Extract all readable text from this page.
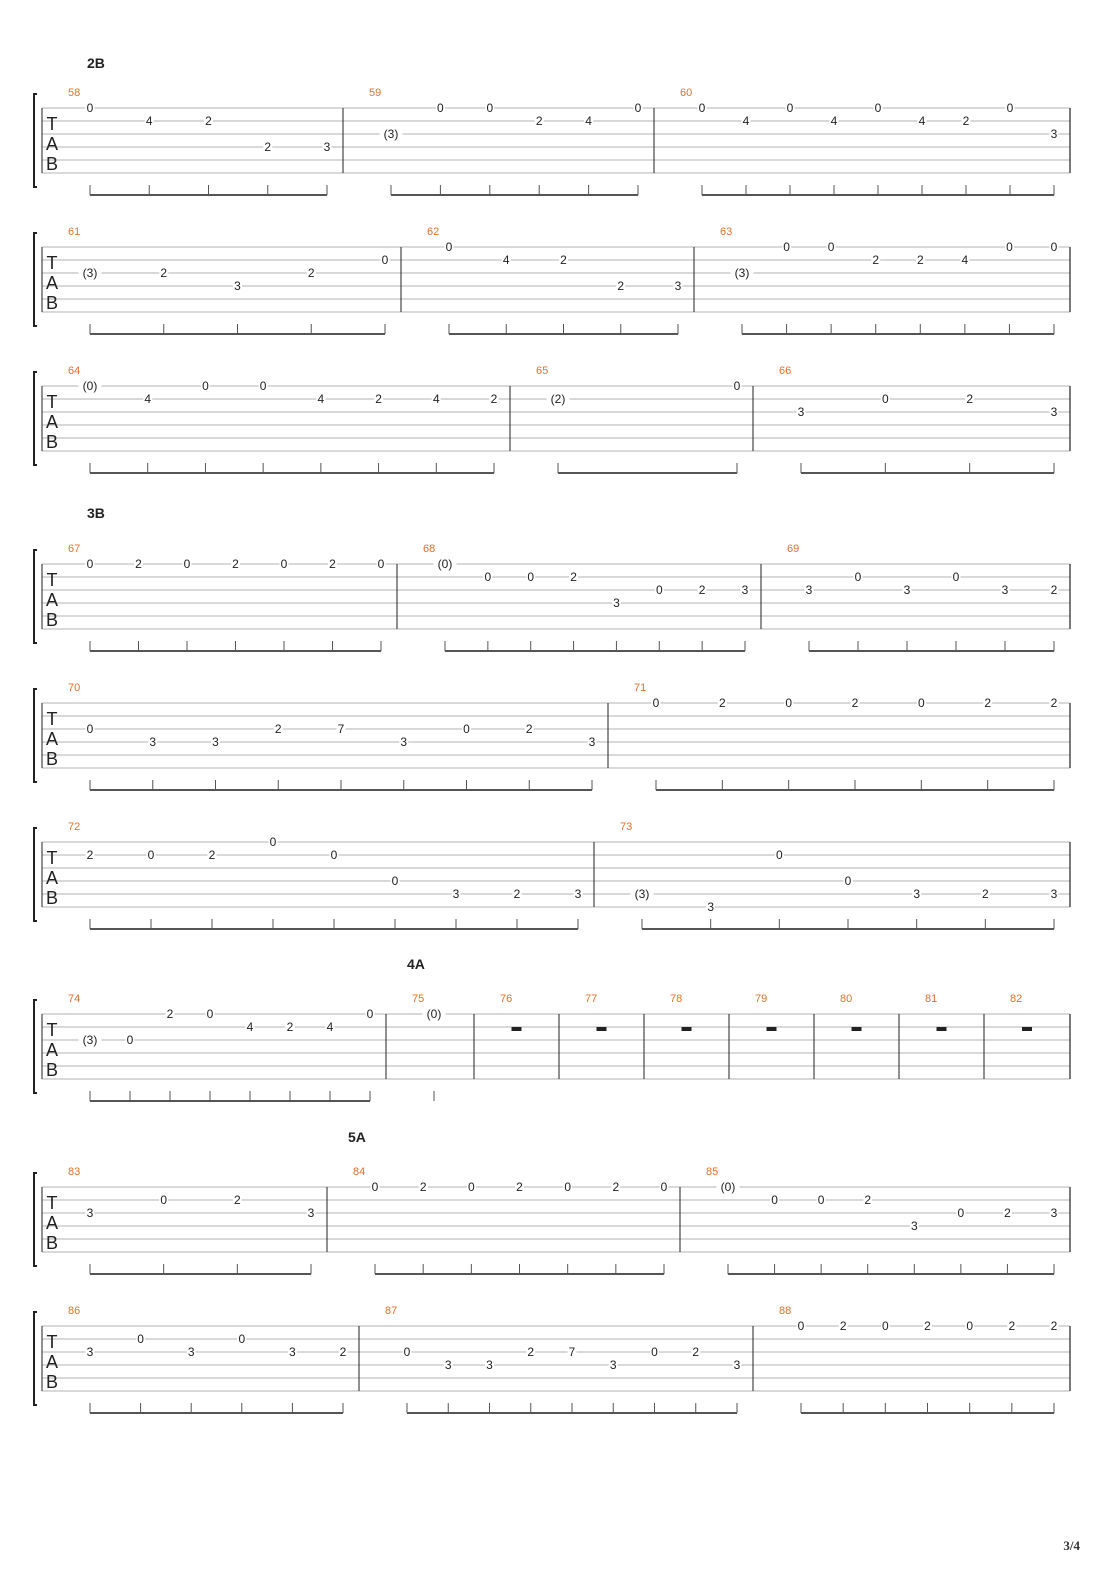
2B
3B
4A
5A
T
A
B
58
0
4	2
2	3
59
(3)
0	0
2	4
0
60
0
4
0
4
0
4	2
0
3
T
A
B
61
(3)	2
3
2
0
62
0
4	2
2	3
63
(3)
0	0
2	2	4
0	0
T
A
B
64
(0)
4
0	0
4	2	4	2
65
(2)
0
66
3
0	2
3
T
A
B
67
0	2	0	2	0	2	0
68
(0)
0	0	2
3
0	2	3
69
3
0
3
0
3	2
T
A
B
70
0
3	3
2	7
3
0	2
3
71
0	2	0	2	0	2	2
T
A
B
72
2	0	2
0
0
0
3	2	3
73
(3)
3
0
0
3	2	3
T
A
B
74
(3) 0
2	0
4	2	4
0
75
(0)
76	77	78	79	80	81	82
T
A
B
83
3
0	2
3
84
0	2	0	2	0	2	0
85
(0)
0	0	2
3
0	2	3
T
A
B
86
3
0
3
0
3	2
87
0
3	3
2	7
3
0	2
3
88
0	2	0	2	0	2	2
3/4
